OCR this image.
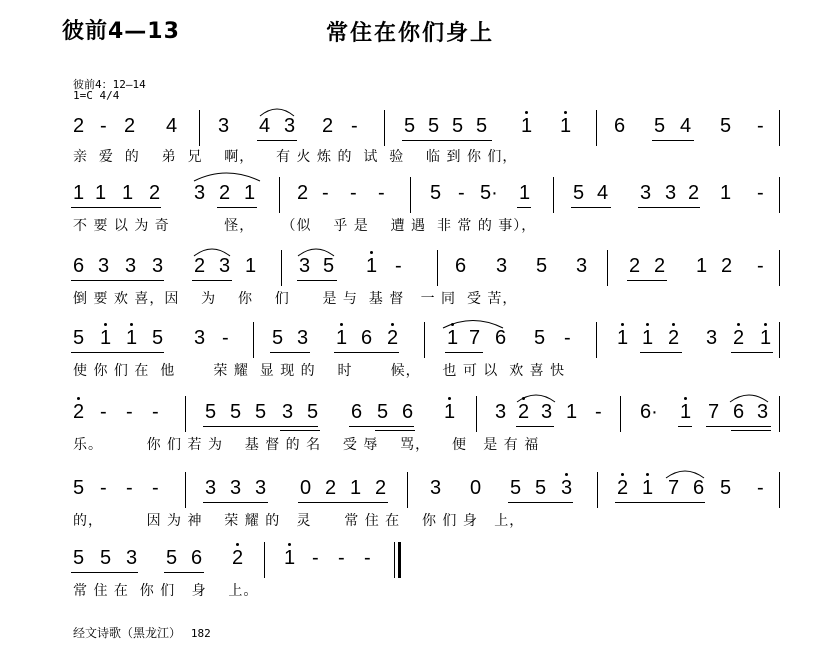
彼前4—13	常住在你们身上
彼前4：12—14
1=C 4/4
2 - 2 4 3 4 3 2 - 5 5 5 5 1 1 6 5 4 5 -
亲  爱  的    弟  兄    啊，    有 火 炼 的  试  验    临 到 你 们，
1 1 1 2 3 2 1 2 - - - 5 - 5· 1 5 4 3 3 2 1 -
不 要 以 为 奇          怪，     （似    乎 是    遭 遇  非 常 的 事），
6 3 3 3 2 3 1 3 5 1 -	6 3 5 3 2 2 1 2 -
倒 要 欢 喜，因    为    你    们      是 与  基 督   一 同  受 苦，
5 1 1 5 3 - 5 3 1 6 2 1 7 6 5 - 1 1 2 3 2 1
使 你 们 在  他       荣 耀  显 现 的    时       候，    也 可 以  欢 喜 快
2 - - - 5 5 5 3 5 6 5 6 1 3 2 3 1 - 6· 1 7 6 3
乐。        你 们 若 为    基 督 的 名    受 辱    骂，    便   是 有 福
5 - - - 3 3 3 0 2 1 2 3 0 5 5 3 2 1 7 6 5 -
的，        因 为 神    荣 耀 的   灵      常 住 在    你 们 身   上，
5 5 3 5 6 2 1 - - -
常 住 在  你 们   身    上。
经文诗歌（黑龙江） 182
